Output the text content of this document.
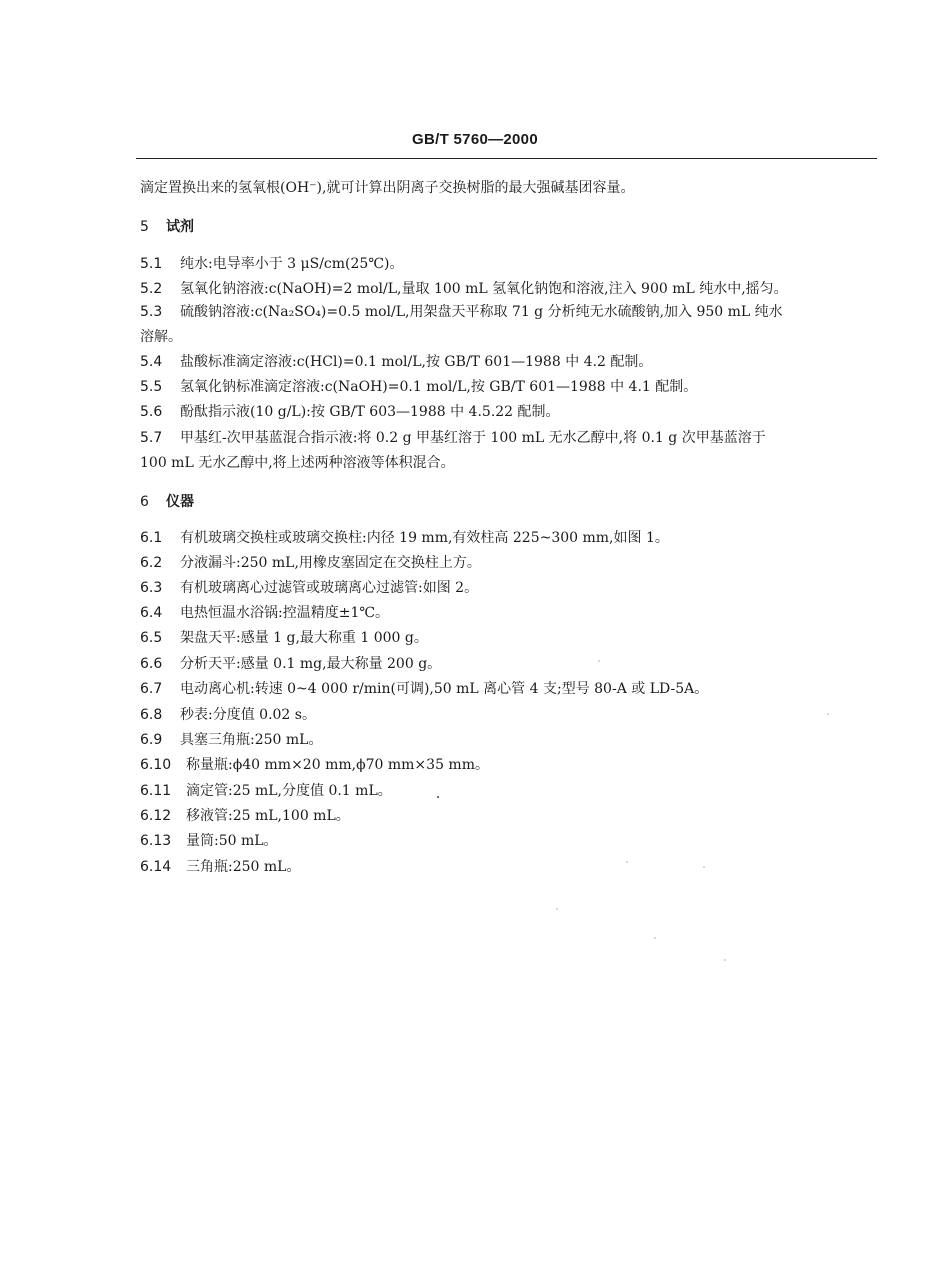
GB/T 5760—2000
滴定置换出来的氢氧根(OH⁻),就可计算出阴离子交换树脂的最大强碱基团容量。
5 试剂
5.1 纯水:电导率小于 3 μS/cm(25℃)。
5.2 氢氧化钠溶液:c(NaOH)=2 mol/L,量取 100 mL 氢氧化钠饱和溶液,注入 900 mL 纯水中,摇匀。
5.3 硫酸钠溶液:c(Na₂SO₄)=0.5 mol/L,用架盘天平称取 71 g 分析纯无水硫酸钠,加入 950 mL 纯水
溶解。
5.4 盐酸标准滴定溶液:c(HCl)=0.1 mol/L,按 GB/T 601—1988 中 4.2 配制。
5.5 氢氧化钠标准滴定溶液:c(NaOH)=0.1 mol/L,按 GB/T 601—1988 中 4.1 配制。
5.6 酚酞指示液(10 g/L):按 GB/T 603—1988 中 4.5.22 配制。
5.7 甲基红-次甲基蓝混合指示液:将 0.2 g 甲基红溶于 100 mL 无水乙醇中,将 0.1 g 次甲基蓝溶于
100 mL 无水乙醇中,将上述两种溶液等体积混合。
6 仪器
6.1 有机玻璃交换柱或玻璃交换柱:内径 19 mm,有效柱高 225~300 mm,如图 1。
6.2 分液漏斗:250 mL,用橡皮塞固定在交换柱上方。
6.3 有机玻璃离心过滤管或玻璃离心过滤管:如图 2。
6.4 电热恒温水浴锅:控温精度±1℃。
6.5 架盘天平:感量 1 g,最大称重 1 000 g。
6.6 分析天平:感量 0.1 mg,最大称量 200 g。
6.7 电动离心机:转速 0~4 000 r/min(可调),50 mL 离心管 4 支;型号 80-A 或 LD-5A。
6.8 秒表:分度值 0.02 s。
6.9 具塞三角瓶:250 mL。
6.10 称量瓶:ϕ40 mm×20 mm,ϕ70 mm×35 mm。
6.11 滴定管:25 mL,分度值 0.1 mL。
6.12 移液管:25 mL,100 mL。
6.13 量筒:50 mL。
6.14 三角瓶:250 mL。
